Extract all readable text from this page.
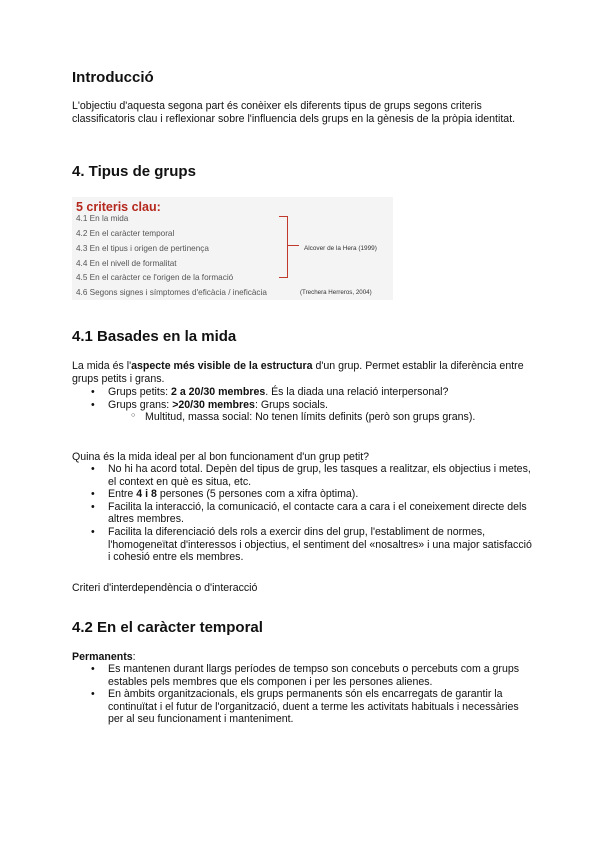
Introducció

L'objectiu d'aquesta segona part és conèixer els diferents tipus de grups segons criteris classificatoris clau i reflexionar sobre l'influencia dels grups en la gènesis de la pròpia identitat.

4. Tipus de grups
5 criteris clau:
4.1 En la mida
4.2 En el caràcter temporal
4.3 En el tipus i origen de pertinença
4.4 En el nivell de formalitat
4.5 En el caràcter ce l'origen de la formació
4.6 Segons signes i símptomes d'eficàcia / ineficàcia
Alcover de la Hera (1999)
(Trechera Herreros, 2004)
4.1 Basades en la mida

La mida és l'aspecte més visible de la estructura d'un grup. Permet establir la diferència entre grups petits i grans.

• Grups petits: 2 a 20/30 membres. És la diada una relació interpersonal?
• Grups grans: >20/30 membres: Grups socials.
○ Multitud, massa social: No tenen límits definits (però son grups grans).

Quina és la mida ideal per al bon funcionament d'un grup petit?

• No hi ha acord total. Depèn del tipus de grup, les tasques a realitzar, els objectius i metes, el context en què es situa, etc.
• Entre 4 i 8 persones (5 persones com a xifra òptima).
• Facilita la interacció, la comunicació, el contacte cara a cara i el coneixement directe dels altres membres.
• Facilita la diferenciació dels rols a exercir dins del grup, l'establiment de normes, l'homogeneïtat d'interessos i objectius, el sentiment del «nosaltres» i una major satisfacció i cohesió entre els membres.

Criteri d'interdependència o d'interacció

4.2 En el caràcter temporal

Permanents:

• Es mantenen durant llargs períodes de tempso son concebuts o percebuts com a grups estables pels membres que els componen i per les persones alienes.
• En àmbits organitzacionals, els grups permanents són els encarregats de garantir la continuïtat i el futur de l'organització, duent a terme les activitats habituals i necessàries per al seu funcionament i manteniment.
